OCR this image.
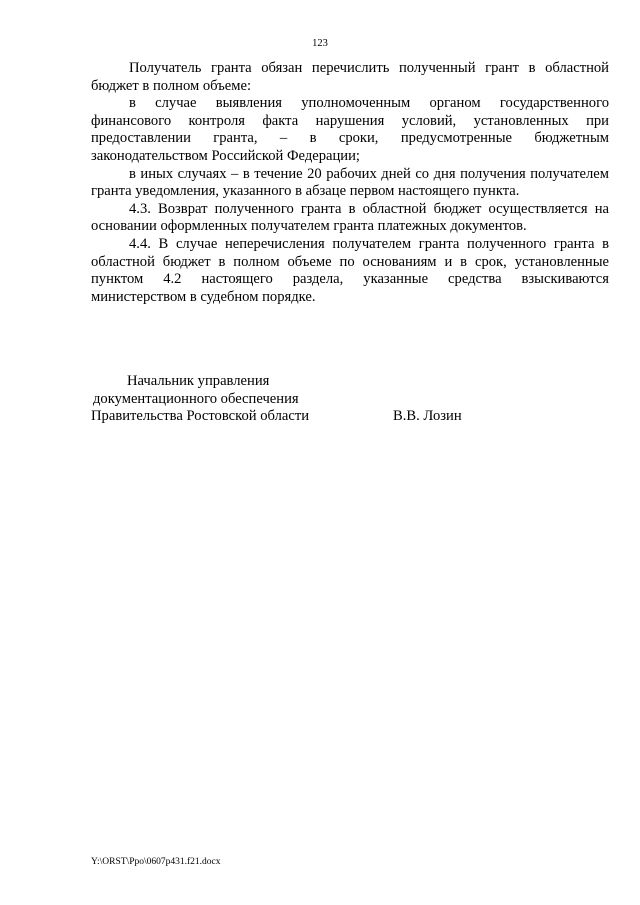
123

Получатель гранта обязан перечислить полученный грант в областной бюджет в полном объеме:

в случае выявления уполномоченным органом государственного финансового контроля факта нарушения условий, установленных при предоставлении гранта, – в сроки, предусмотренные бюджетным законодательством Российской Федерации;

в иных случаях – в течение 20 рабочих дней со дня получения получателем гранта уведомления, указанного в абзаце первом настоящего пункта.

4.3. Возврат полученного гранта в областной бюджет осуществляется на основании оформленных получателем гранта платежных документов.

4.4. В случае неперечисления получателем гранта полученного гранта в областной бюджет в полном объеме по основаниям и в срок, установленные пунктом 4.2 настоящего раздела, указанные средства взыскиваются министерством в судебном порядке.

Начальник управления
документационного обеспечения
Правительства Ростовской области	В.В. Лозин
Y:\ORST\Ppo\0607p431.f21.docx
